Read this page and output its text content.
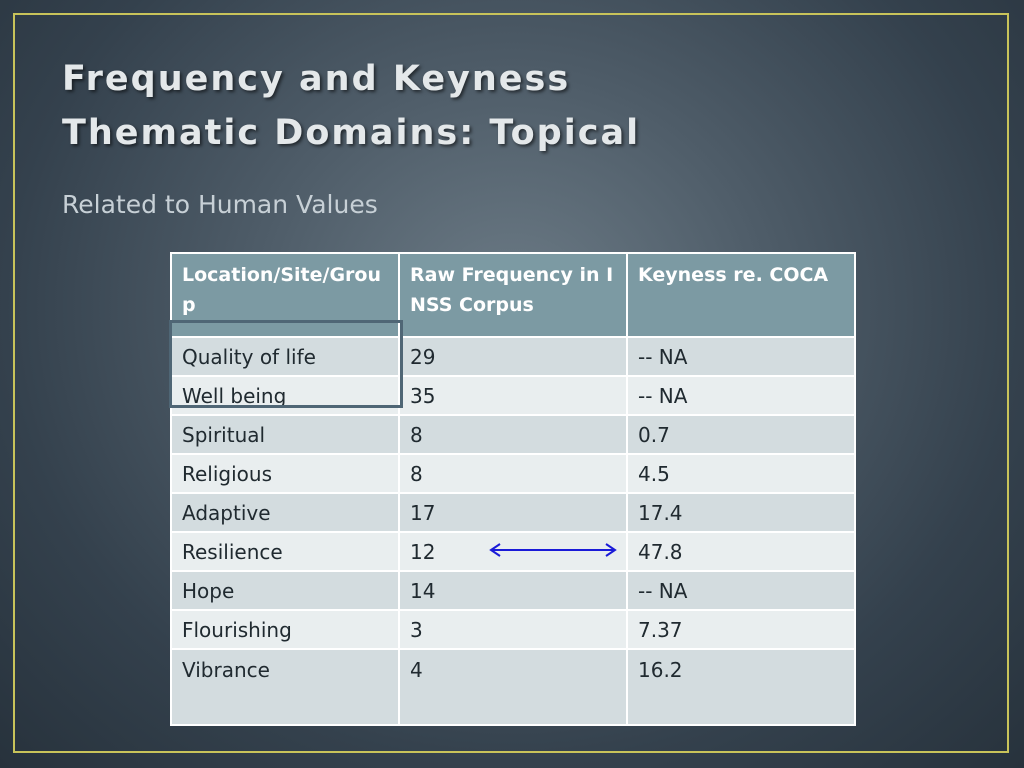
Frequency and Keyness
Thematic Domains: Topical
Related to Human Values
Location/Site/Group	Raw Frequency in INSS Corpus	Keyness re. COCA
Quality of life	29	-- NA
Well being	35	-- NA
Spiritual	8	0.7
Religious	8	4.5
Adaptive	17	17.4
Resilience	12	47.8
Hope	14	-- NA
Flourishing	3	7.37
Vibrance	4	16.2
